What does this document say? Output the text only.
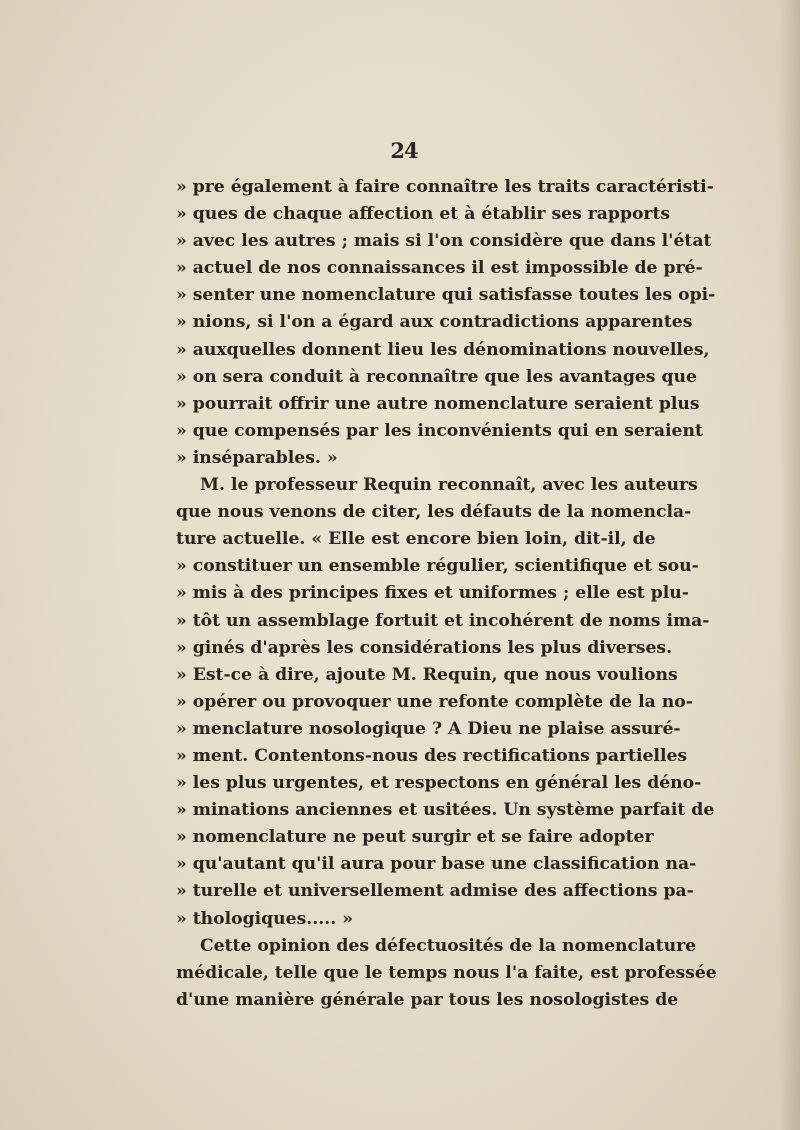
24
» pre également à faire connaître les traits caractéristi-
» ques de chaque affection et à établir ses rapports
» avec les autres ; mais si l'on considère que dans l'état
» actuel de nos connaissances il est impossible de pré-
» senter une nomenclature qui satisfasse toutes les opi-
» nions, si l'on a égard aux contradictions apparentes
» auxquelles donnent lieu les dénominations nouvelles,
» on sera conduit à reconnaître que les avantages que
» pourrait offrir une autre nomenclature seraient plus
» que compensés par les inconvénients qui en seraient
» inséparables. »
M. le professeur Requin reconnaît, avec les auteurs
que nous venons de citer, les défauts de la nomencla-
ture actuelle. « Elle est encore bien loin, dit-il, de
» constituer un ensemble régulier, scientifique et sou-
» mis à des principes fixes et uniformes ; elle est plu-
» tôt un assemblage fortuit et incohérent de noms ima-
» ginés d'après les considérations les plus diverses.
» Est-ce à dire, ajoute M. Requin, que nous voulions
» opérer ou provoquer une refonte complète de la no-
» menclature nosologique ? A Dieu ne plaise assuré-
» ment. Contentons-nous des rectifications partielles
» les plus urgentes, et respectons en général les déno-
» minations anciennes et usitées. Un système parfait de
» nomenclature ne peut surgir et se faire adopter
» qu'autant qu'il aura pour base une classification na-
» turelle et universellement admise des affections pa-
» thologiques..... »
Cette opinion des défectuosités de la nomenclature
médicale, telle que le temps nous l'a faite, est professée
d'une manière générale par tous les nosologistes de
